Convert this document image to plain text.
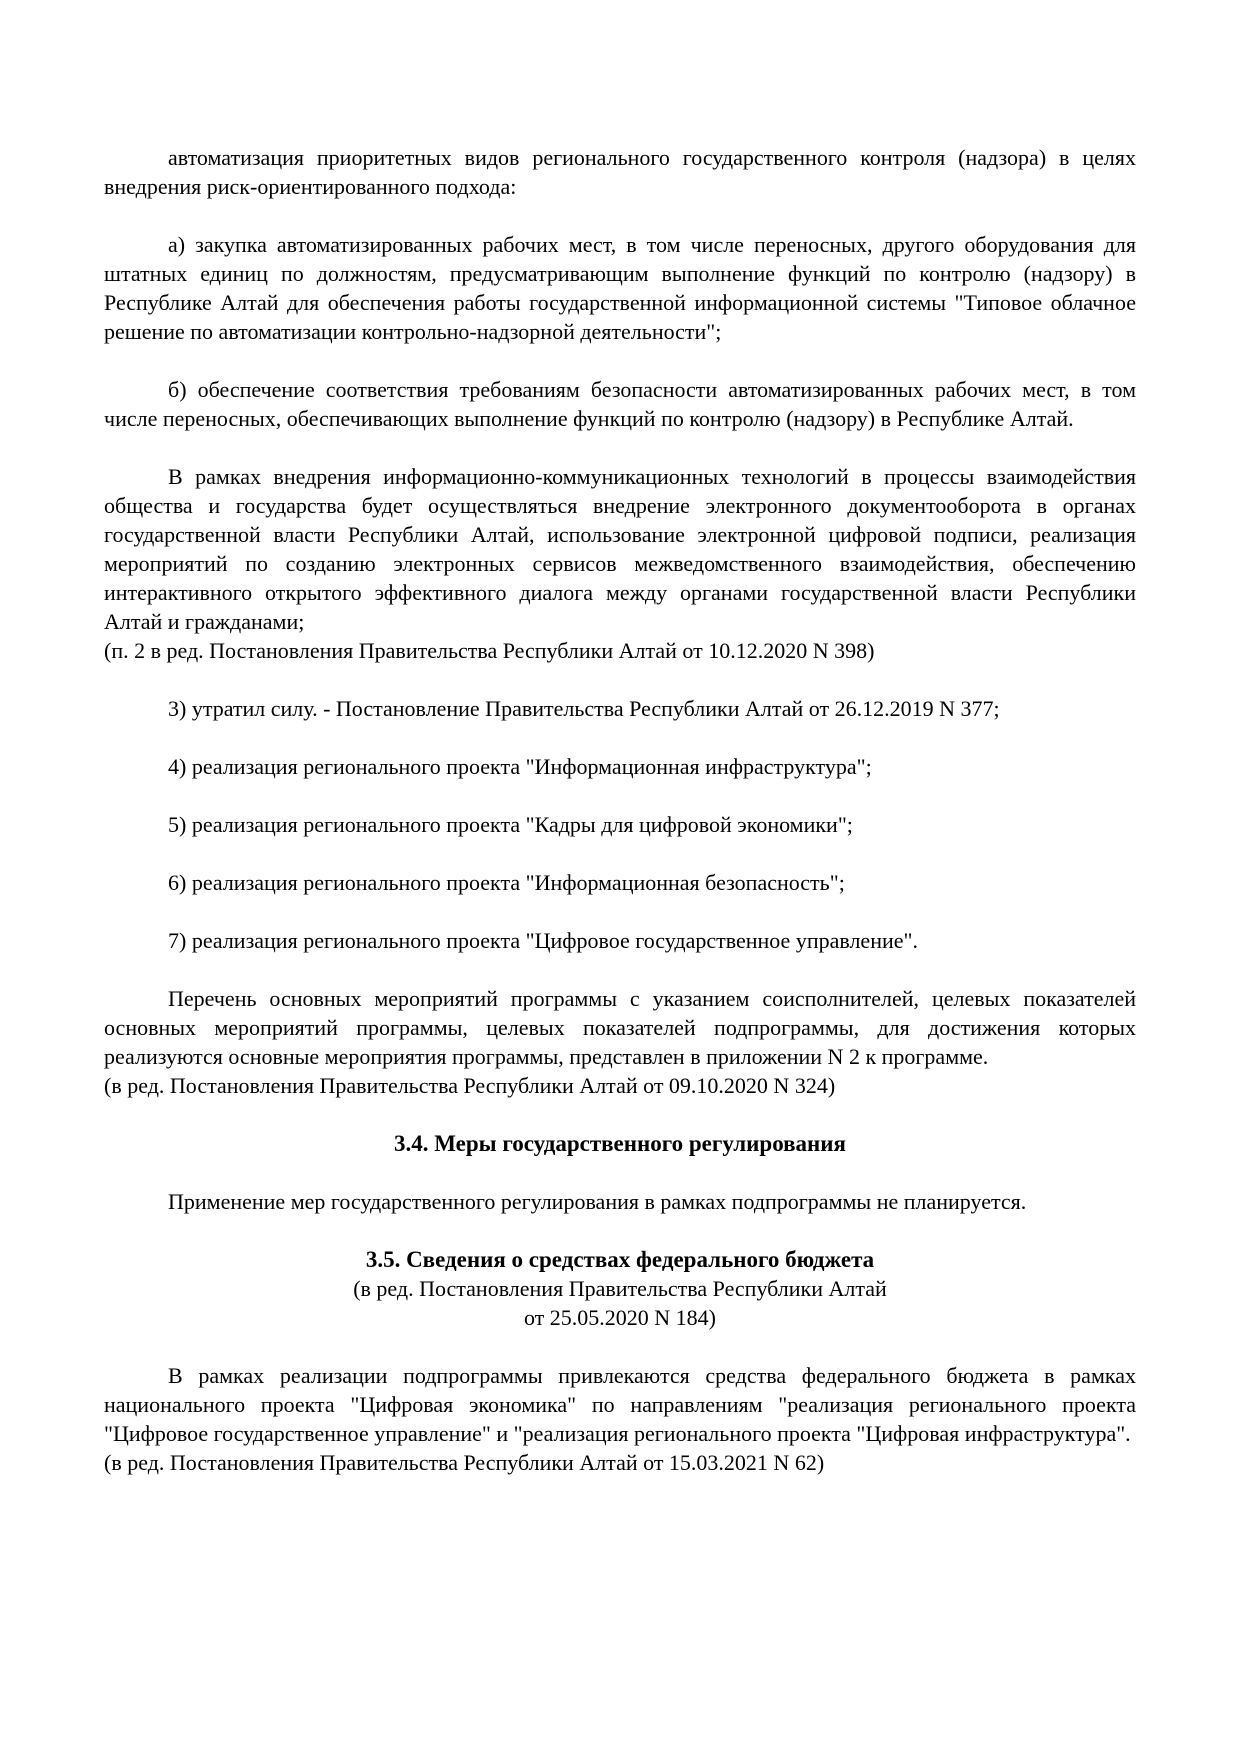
автоматизация приоритетных видов регионального государственного контроля (надзора) в целях внедрения риск-ориентированного подхода:

а) закупка автоматизированных рабочих мест, в том числе переносных, другого оборудования для штатных единиц по должностям, предусматривающим выполнение функций по контролю (надзору) в Республике Алтай для обеспечения работы государственной информационной системы "Типовое облачное решение по автоматизации контрольно-надзорной деятельности";

б) обеспечение соответствия требованиям безопасности автоматизированных рабочих мест, в том числе переносных, обеспечивающих выполнение функций по контролю (надзору) в Республике Алтай.

В рамках внедрения информационно-коммуникационных технологий в процессы взаимодействия общества и государства будет осуществляться внедрение электронного документооборота в органах государственной власти Республики Алтай, использование электронной цифровой подписи, реализация мероприятий по созданию электронных сервисов межведомственного взаимодействия, обеспечению интерактивного открытого эффективного диалога между органами государственной власти Республики Алтай и гражданами;

(п. 2 в ред. Постановления Правительства Республики Алтай от 10.12.2020 N 398)

3) утратил силу. - Постановление Правительства Республики Алтай от 26.12.2019 N 377;

4) реализация регионального проекта "Информационная инфраструктура";

5) реализация регионального проекта "Кадры для цифровой экономики";

6) реализация регионального проекта "Информационная безопасность";

7) реализация регионального проекта "Цифровое государственное управление".

Перечень основных мероприятий программы с указанием соисполнителей, целевых показателей основных мероприятий программы, целевых показателей подпрограммы, для достижения которых реализуются основные мероприятия программы, представлен в приложении N 2 к программе.

(в ред. Постановления Правительства Республики Алтай от 09.10.2020 N 324)

3.4. Меры государственного регулирования

Применение мер государственного регулирования в рамках подпрограммы не планируется.

3.5. Сведения о средствах федерального бюджета

(в ред. Постановления Правительства Республики Алтай

от 25.05.2020 N 184)

В рамках реализации подпрограммы привлекаются средства федерального бюджета в рамках национального проекта "Цифровая экономика" по направлениям "реализация регионального проекта "Цифровое государственное управление" и "реализация регионального проекта "Цифровая инфраструктура".

(в ред. Постановления Правительства Республики Алтай от 15.03.2021 N 62)
